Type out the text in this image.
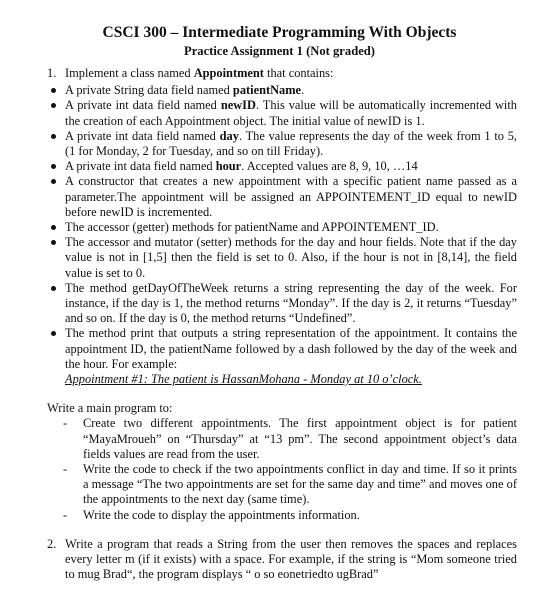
CSCI 300 – Intermediate Programming With Objects
Practice Assignment 1 (Not graded)
1. Implement a class named Appointment that contains:
A private String data field named patientName.
A private int data field named newID. This value will be automatically incremented with the creation of each Appointment object. The initial value of newID is 1.
A private int data field named day. The value represents the day of the week from 1 to 5, (1 for Monday, 2 for Tuesday, and so on till Friday).
A private int data field named hour. Accepted values are 8, 9, 10, …14
A constructor that creates a new appointment with a specific patient name passed as a parameter.The appointment will be assigned an APPOINTEMENT_ID equal to newID before newID is incremented.
The accessor (getter) methods for patientName and APPOINTEMENT_ID.
The accessor and mutator (setter) methods for the day and hour fields. Note that if the day value is not in [1,5] then the field is set to 0. Also, if the hour is not in [8,14], the field value is set to 0.
The method getDayOfTheWeek returns a string representing the day of the week. For instance, if the day is 1, the method returns “Monday”. If the day is 2, it returns “Tuesday” and so on. If the day is 0, the method returns “Undefined”.
The method print that outputs a string representation of the appointment. It contains the appointment ID, the patientName followed by a dash followed by the day of the week and the hour. For example:
Appointment #1: The patient is HassanMohana - Monday at 10 o’clock.
Write a main program to:
- Create two different appointments. The first appointment object is for patient “MayaMroueh” on “Thursday” at “13 pm”. The second appointment object’s data fields values are read from the user.
- Write the code to check if the two appointments conflict in day and time. If so it prints a message “The two appointments are set for the same day and time” and moves one of the appointments to the next day (same time).
- Write the code to display the appointments information.
2. Write a program that reads a String from the user then removes the spaces and replaces every letter m (if it exists) with a space. For example, if the string is “Mom someone tried to mug Brad“, the program displays “ o so eonetriedto ugBrad”
